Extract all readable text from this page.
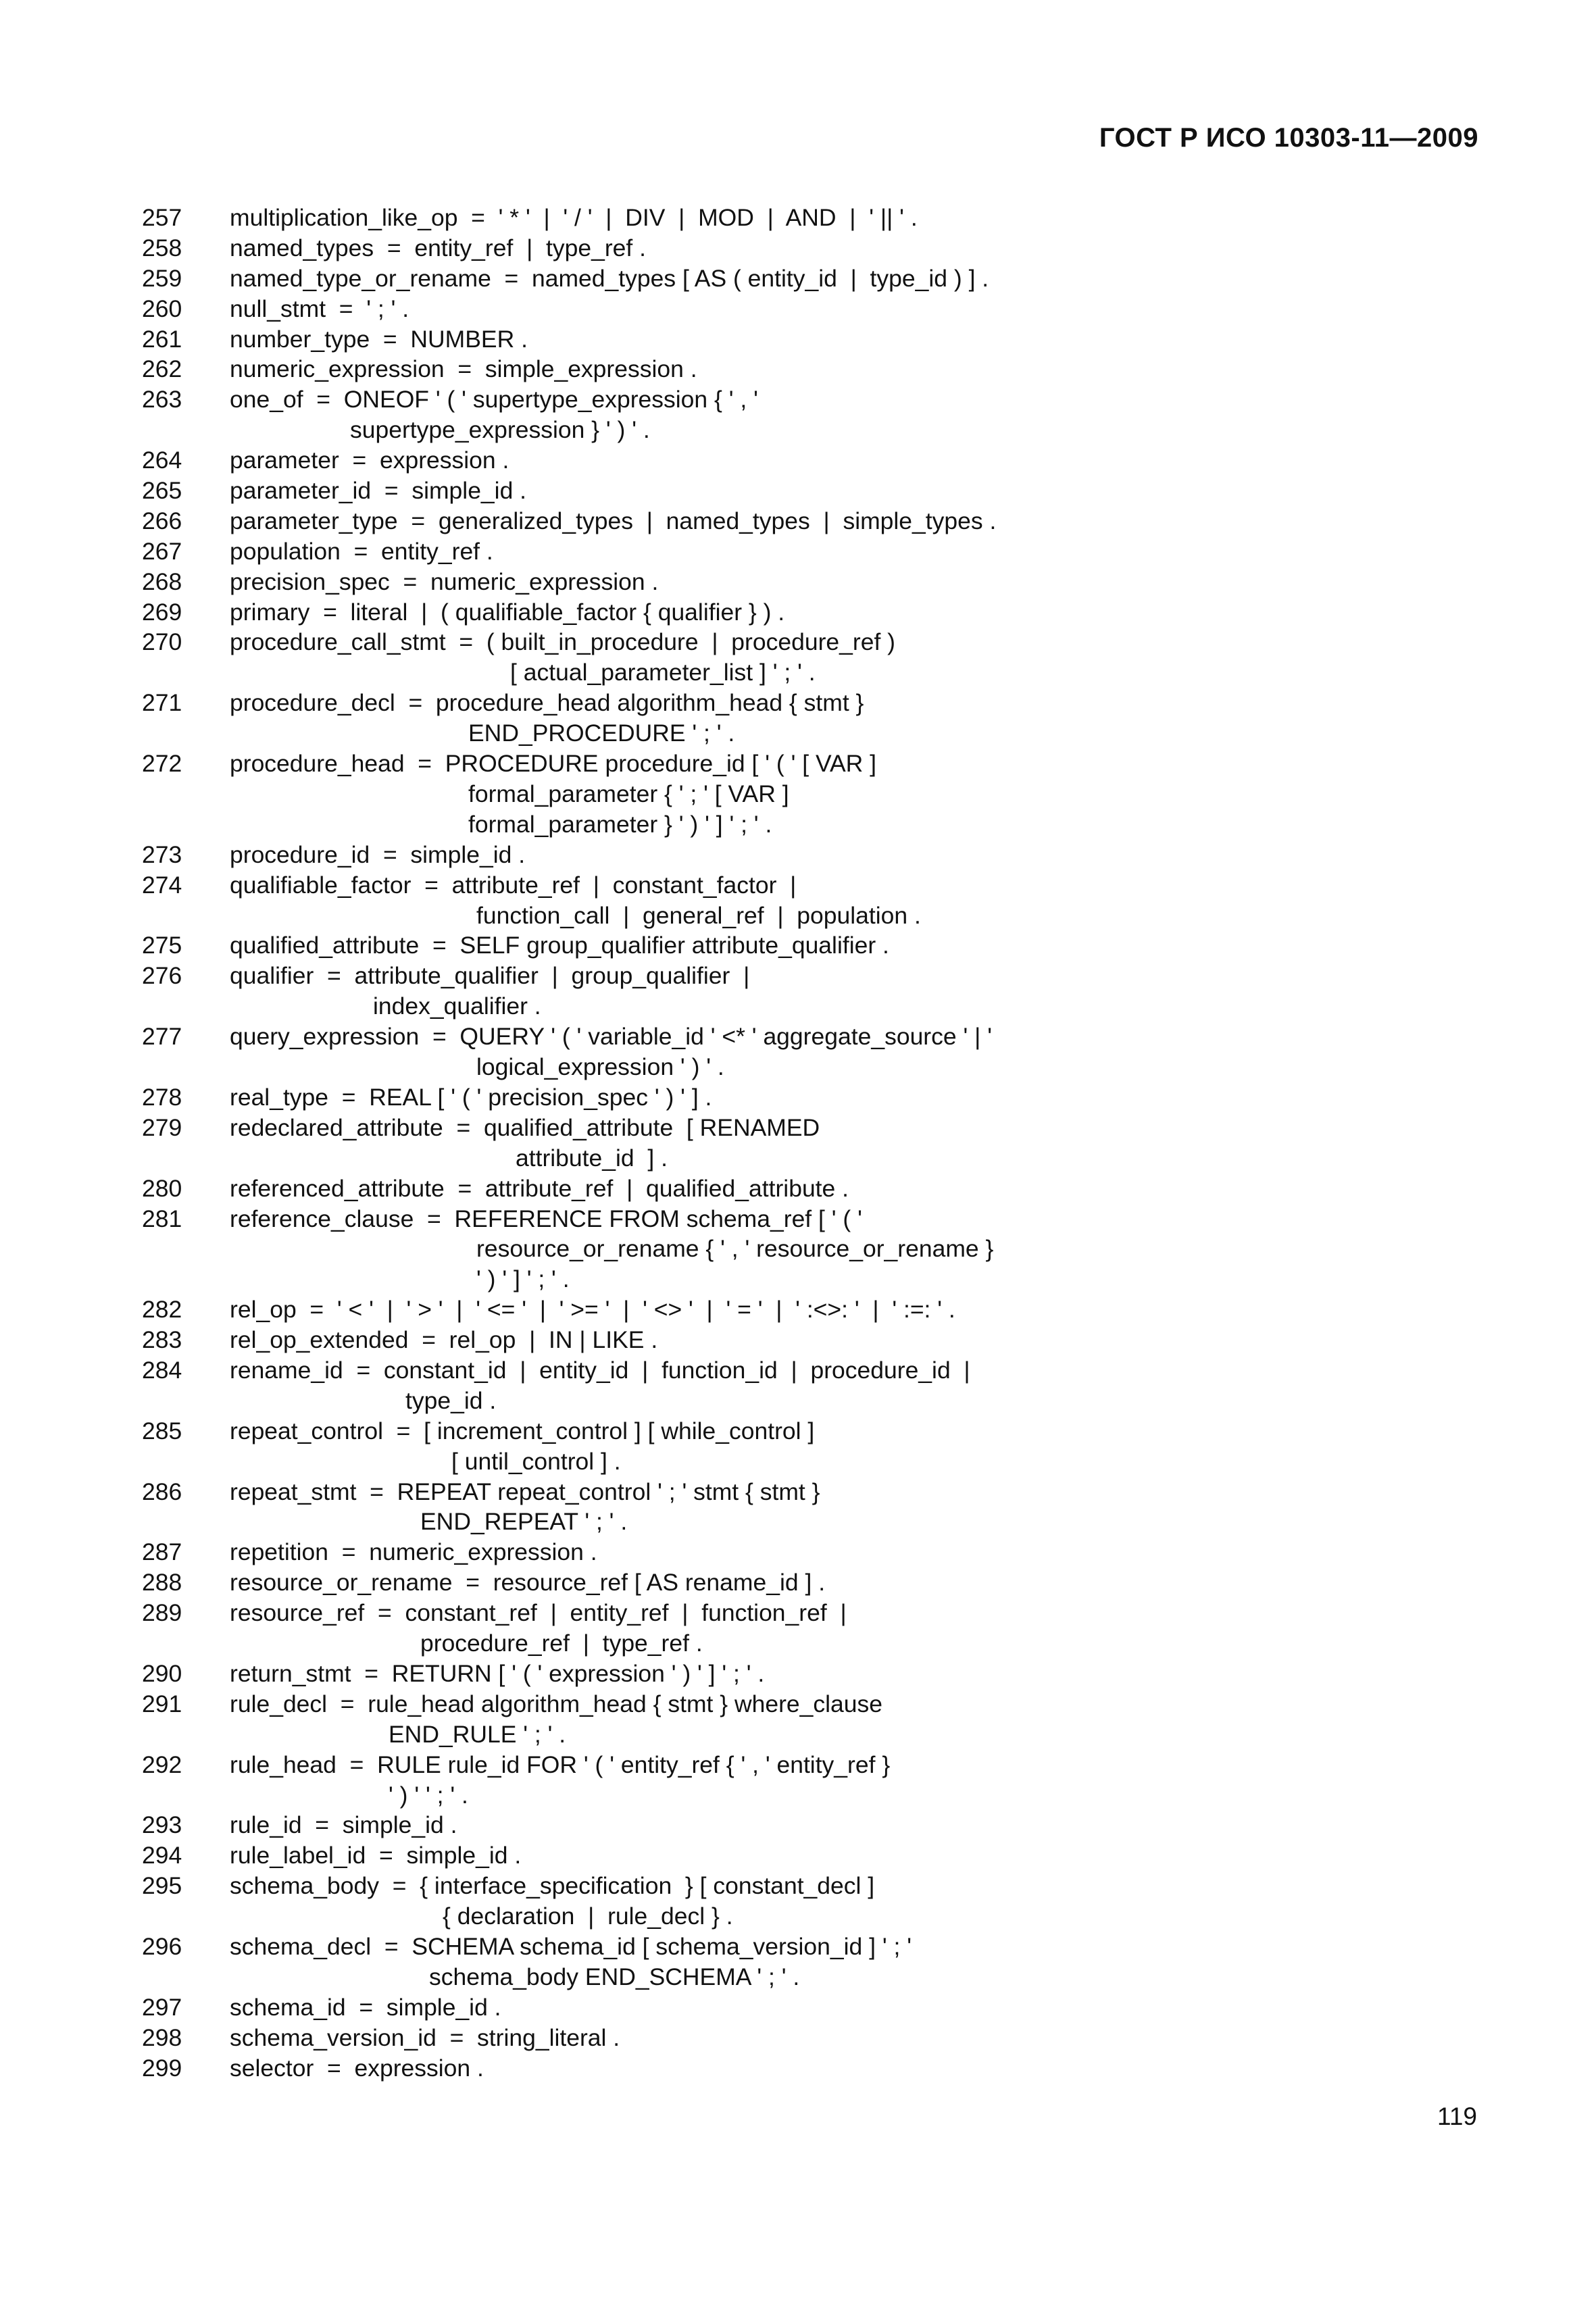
ГОСТ Р ИСО 10303-11—2009
257 multiplication_like_op  =  ' * '  |  ' / '  |  DIV  |  MOD  |  AND  |  ' || ' .
258 named_types  =  entity_ref  |  type_ref .
259 named_type_or_rename  =  named_types [ AS ( entity_id  |  type_id ) ] .
260 null_stmt  =  ' ; ' .
261 number_type  =  NUMBER .
262 numeric_expression  =  simple_expression .
263 one_of  =  ONEOF ' ( ' supertype_expression { ' , '
supertype_expression } ' ) ' .
264 parameter  =  expression .
265 parameter_id  =  simple_id .
266 parameter_type  =  generalized_types  |  named_types  |  simple_types .
267 population  =  entity_ref .
268 precision_spec  =  numeric_expression .
269 primary  =  literal  |  ( qualifiable_factor { qualifier } ) .
270 procedure_call_stmt  =  ( built_in_procedure  |  procedure_ref )
[ actual_parameter_list ] ' ; ' .
271 procedure_decl  =  procedure_head algorithm_head { stmt }
END_PROCEDURE ' ; ' .
272 procedure_head  =  PROCEDURE procedure_id [ ' ( ' [ VAR ]
formal_parameter { ' ; ' [ VAR ]
formal_parameter } ' ) ' ] ' ; ' .
273 procedure_id  =  simple_id .
274 qualifiable_factor  =  attribute_ref  |  constant_factor  |
function_call  |  general_ref  |  population .
275 qualified_attribute  =  SELF group_qualifier attribute_qualifier .
276 qualifier  =  attribute_qualifier  |  group_qualifier  |
index_qualifier .
277 query_expression  =  QUERY ' ( ' variable_id ' <* ' aggregate_source ' | '
logical_expression ' ) ' .
278 real_type  =  REAL [ ' ( ' precision_spec ' ) ' ] .
279 redeclared_attribute  =  qualified_attribute  [ RENAMED
attribute_id  ] .
280 referenced_attribute  =  attribute_ref  |  qualified_attribute .
281 reference_clause  =  REFERENCE FROM schema_ref [ ' ( '
resource_or_rename { ' , ' resource_or_rename }
' ) ' ] ' ; ' .
282 rel_op  =  ' < '  |  ' > '  |  ' <= '  |  ' >= '  |  ' <> '  |  ' = '  |  ' :<>: '  |  ' :=: ' .
283 rel_op_extended  =  rel_op  |  IN | LIKE .
284 rename_id  =  constant_id  |  entity_id  |  function_id  |  procedure_id  |
type_id .
285 repeat_control  =  [ increment_control ] [ while_control ]
[ until_control ] .
286 repeat_stmt  =  REPEAT repeat_control ' ; ' stmt { stmt }
END_REPEAT ' ; ' .
287 repetition  =  numeric_expression .
288 resource_or_rename  =  resource_ref [ AS rename_id ] .
289 resource_ref  =  constant_ref  |  entity_ref  |  function_ref  |
procedure_ref  |  type_ref .
290 return_stmt  =  RETURN [ ' ( ' expression ' ) ' ] ' ; ' .
291 rule_decl  =  rule_head algorithm_head { stmt } where_clause
END_RULE ' ; ' .
292 rule_head  =  RULE rule_id FOR ' ( ' entity_ref { ' , ' entity_ref }
' ) ' ' ; ' .
293 rule_id  =  simple_id .
294 rule_label_id  =  simple_id .
295 schema_body  =  { interface_specification  } [ constant_decl ]
{ declaration  |  rule_decl } .
296 schema_decl  =  SCHEMA schema_id [ schema_version_id ] ' ; '
schema_body END_SCHEMA ' ; ' .
297 schema_id  =  simple_id .
298 schema_version_id  =  string_literal .
299 selector  =  expression .
119
